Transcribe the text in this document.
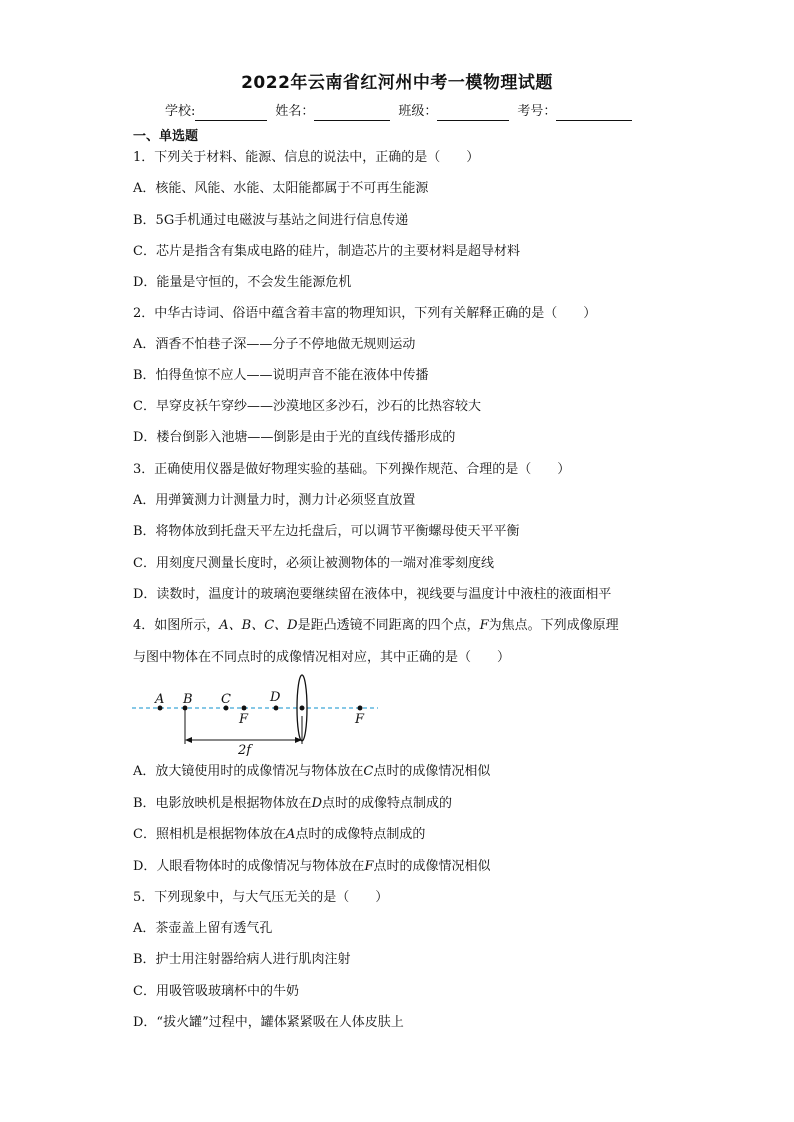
2022年云南省红河州中考一模物理试题
学校:	姓名：	班级：	考号：
一、单选题
1．下列关于材料、能源、信息的说法中，正确的是（　　）
A．核能、风能、水能、太阳能都属于不可再生能源
B．5G手机通过电磁波与基站之间进行信息传递
C．芯片是指含有集成电路的硅片，制造芯片的主要材料是超导材料
D．能量是守恒的，不会发生能源危机
2．中华古诗词、俗语中蕴含着丰富的物理知识，下列有关解释正确的是（　　）
A．酒香不怕巷子深——分子不停地做无规则运动
B．怕得鱼惊不应人——说明声音不能在液体中传播
C．早穿皮袄午穿纱——沙漠地区多沙石，沙石的比热容较大
D．楼台倒影入池塘——倒影是由于光的直线传播形成的
3．正确使用仪器是做好物理实验的基础。下列操作规范、合理的是（　　）
A．用弹簧测力计测量力时，测力计必须竖直放置
B．将物体放到托盘天平左边托盘后，可以调节平衡螺母使天平平衡
C．用刻度尺测量长度时，必须让被测物体的一端对准零刻度线
D．读数时，温度计的玻璃泡要继续留在液体中，视线要与温度计中液柱的液面相平
4．如图所示，A、B、C、D是距凸透镜不同距离的四个点，F为焦点。下列成像原理
与图中物体在不同点时的成像情况相对应，其中正确的是（　　）
A B C	D
F	F
2f
A．放大镜使用时的成像情况与物体放在C点时的成像情况相似
B．电影放映机是根据物体放在D点时的成像特点制成的
C．照相机是根据物体放在A点时的成像特点制成的
D．人眼看物体时的成像情况与物体放在F点时的成像情况相似
5．下列现象中，与大气压无关的是（　　）
A．茶壶盖上留有透气孔
B．护士用注射器给病人进行肌肉注射
C．用吸管吸玻璃杯中的牛奶
D．“拔火罐”过程中，罐体紧紧吸在人体皮肤上
